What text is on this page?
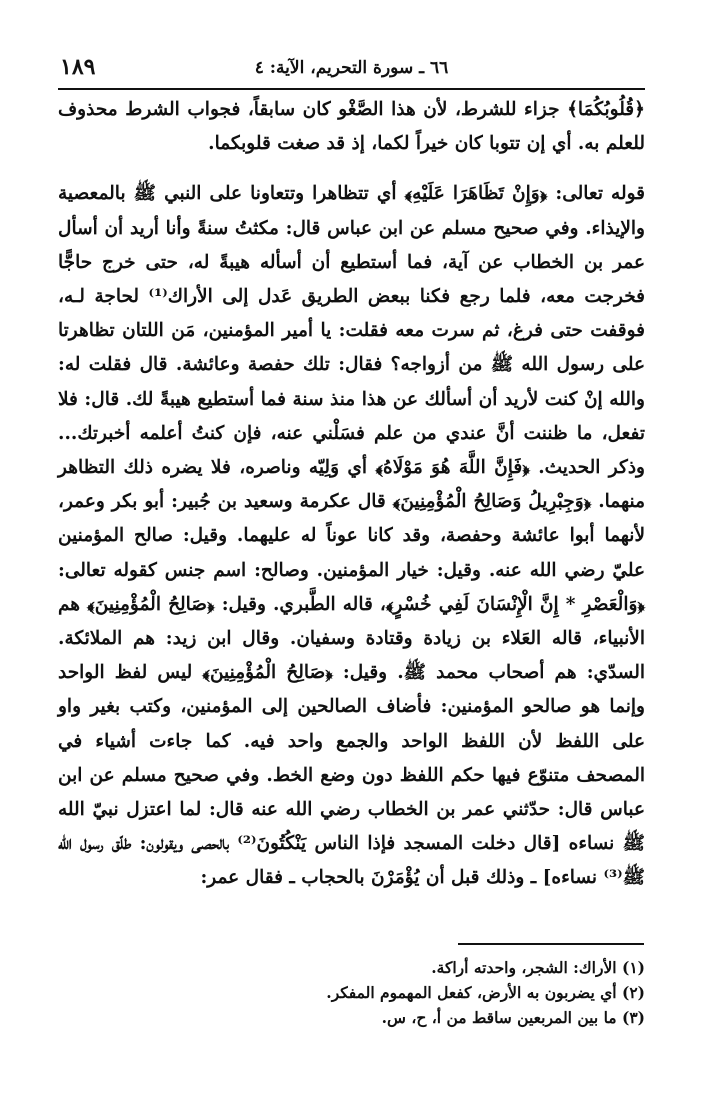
١٨٩	٦٦ ـ سورة التحريم، الآية: ٤

﴿قُلُوبُكُمَا﴾ جزاء للشرط، لأن هذا الصَّغْو كان سابقاً، فجواب الشرط محذوف للعلم به. أي إن تتوبا كان خيراً لكما، إذ قد صغت قلوبكما.

قوله تعالى: ﴿وَإِنْ تَظَاهَرَا عَلَيْهِ﴾ أي تتظاهرا وتتعاونا على النبي ﷺ بالمعصية والإيذاء. وفي صحيح مسلم عن ابن عباس قال: مكثتُ سنةً وأنا أريد أن أسأل عمر بن الخطاب عن آية، فما أستطيع أن أسأله هيبةً له، حتى خرج حاجًّا فخرجت معه، فلما رجع فكنا ببعض الطريق عَدل إلى الأراك⁽¹⁾ لحاجة لـه، فوقفت حتى فرغ، ثم سرت معه فقلت: يا أمير المؤمنين، مَن اللتان تظاهرتا على رسول الله ﷺ من أزواجه؟ فقال: تلك حفصة وعائشة. قال فقلت له: والله إنْ كنت لأريد أن أسألك عن هذا منذ سنة فما أستطيع هيبةً لك. قال: فلا تفعل، ما ظننت أنَّ عندي من علم فسَلْني عنه، فإن كنتُ أعلمه أخبرتك... وذكر الحديث. ﴿فَإِنَّ اللَّهَ هُوَ مَوْلَاهُ﴾ أي وَلِيّه وناصره، فلا يضره ذلك التظاهر منهما. ﴿وَجِبْرِيلُ وَصَالِحُ الْمُؤْمِنِينَ﴾ قال عكرمة وسعيد بن جُبير: أبو بكر وعمر، لأنهما أبوا عائشة وحفصة، وقد كانا عوناً له عليهما. وقيل: صالح المؤمنين عليّ رضي الله عنه. وقيل: خيار المؤمنين. وصالح: اسم جنس كقوله تعالى: ﴿وَالْعَصْرِ * إِنَّ الْإِنْسَانَ لَفِي خُسْرٍ﴾، قاله الطَّبري. وقيل: ﴿صَالِحُ الْمُؤْمِنِينَ﴾ هم الأنبياء، قاله العَلاء بن زيادة وقتادة وسفيان. وقال ابن زيد: هم الملائكة. السدّي: هم أصحاب محمد ﷺ. وقيل: ﴿صَالِحُ الْمُؤْمِنِينَ﴾ ليس لفظ الواحد وإنما هو صالحو المؤمنين: فأضاف الصالحين إلى المؤمنين، وكتب بغير واو على اللفظ لأن اللفظ الواحد والجمع واحد فيه. كما جاءت أشياء في المصحف متنوّع فيها حكم اللفظ دون وضع الخط. وفي صحيح مسلم عن ابن عباس قال: حدّثني عمر بن الخطاب رضي الله عنه قال: لما اعتزل نبيّ الله ﷺ نساءه [قال دخلت المسجد فإذا الناس يَنْكُتُونَ⁽²⁾ بالحصى ويقولون: طلّق رسول الله ﷺ⁽³⁾ نساءه] ـ وذلك قبل أن يُؤْمَرْنَ بالحجاب ـ فقال عمر:

(١) الأراك: الشجر، واحدته أراكة.

(٢) أي يضربون به الأرض، كفعل المهموم المفكر.

(٣) ما بين المربعين ساقط من أ، ح، س.
